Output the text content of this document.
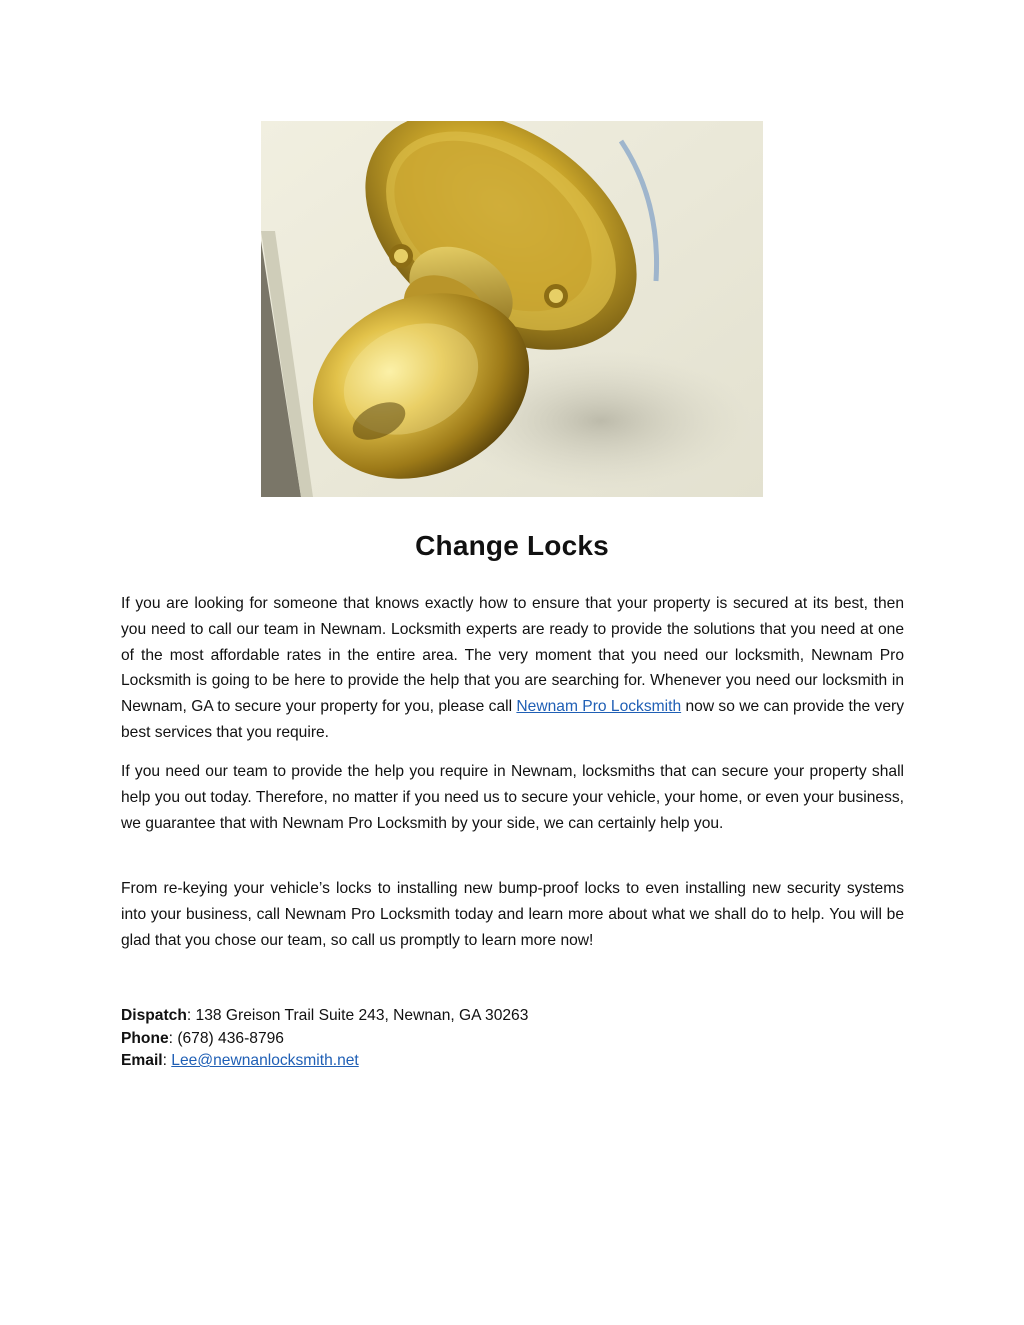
Change Locks

If you are looking for someone that knows exactly how to ensure that your property is secured at its best, then you need to call our team in Newnam. Locksmith experts are ready to provide the solutions that you need at one of the most affordable rates in the entire area. The very moment that you need our locksmith, Newnam Pro Locksmith is going to be here to provide the help that you are searching for. Whenever you need our locksmith in Newnam, GA to secure your property for you, please call Newnam Pro Locksmith now so we can provide the very best services that you require.

If you need our team to provide the help you require in Newnam, locksmiths that can secure your property shall help you out today. Therefore, no matter if you need us to secure your vehicle, your home, or even your business, we guarantee that with Newnam Pro Locksmith by your side, we can certainly help you.

From re-keying your vehicle’s locks to installing new bump-proof locks to even installing new security systems into your business, call Newnam Pro Locksmith today and learn more about what we shall do to help. You will be glad that you chose our team, so call us promptly to learn more now!

Dispatch: 138 Greison Trail Suite 243, Newnan, GA 30263
Phone: (678) 436-8796
Email: Lee@newnanlocksmith.net
